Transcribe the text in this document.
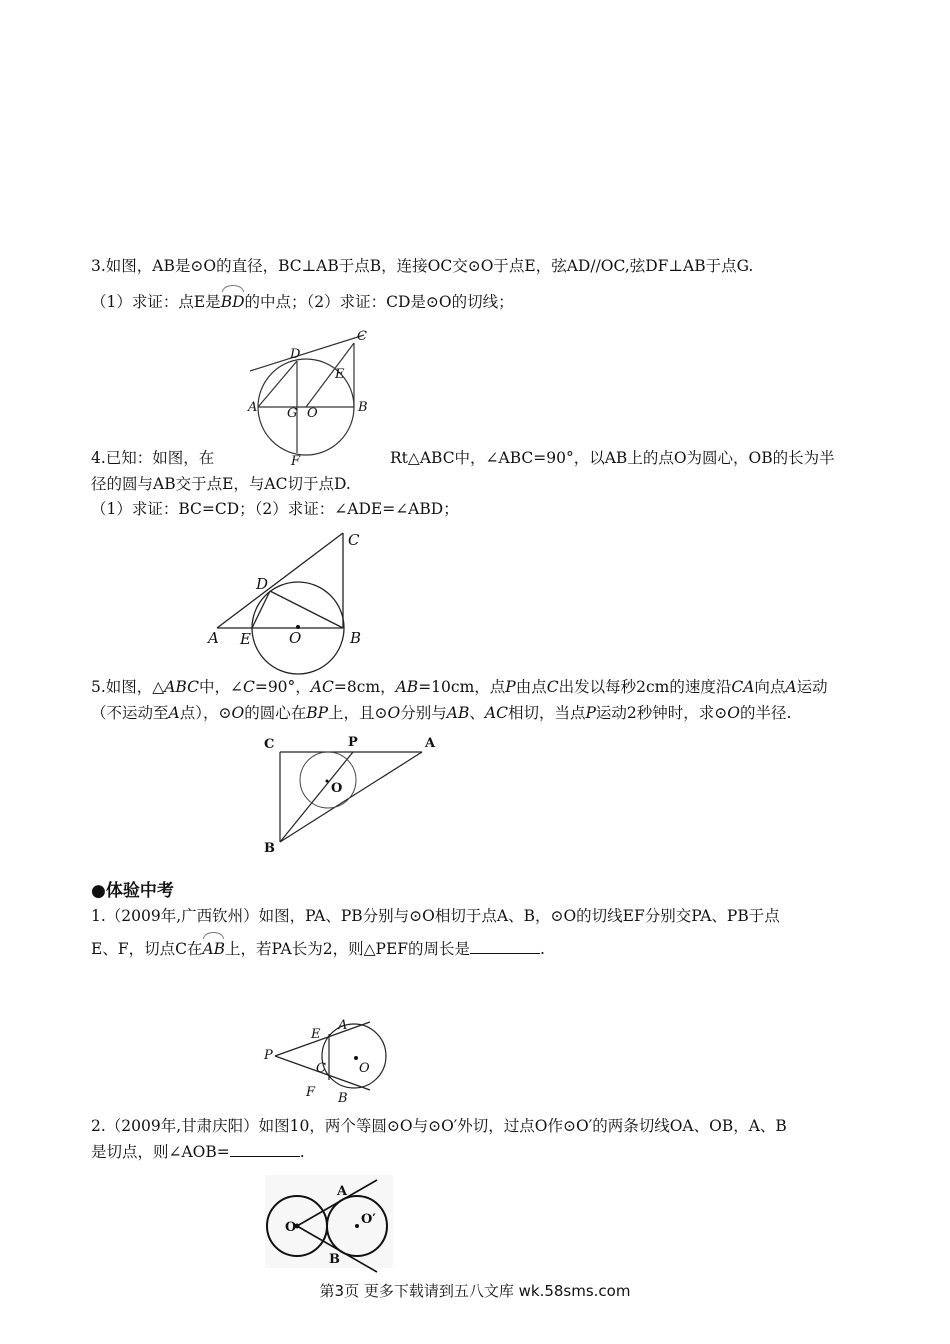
3.如图，AB是⊙O的直径，BC⊥AB于点B，连接OC交⊙O于点E，弦AD//OC,弦DF⊥AB于点G.
（1）求证：点E是BD的中点；（2）求证：CD是⊙O的切线；
D
C
E
A G O	B
F
4.已知：如图，在	Rt△ABC中，∠ABC=90°，以AB上的点O为圆心，OB的长为半
径的圆与AB交于点E，与AC切于点D.
（1）求证：BC=CD；（2）求证：∠ADE=∠ABD；
C
D
A E	O	B
5.如图，△ABC中，∠C=90°，AC=8cm，AB=10cm，点P由点C出发以每秒2cm的速度沿CA向点A运动
（不运动至A点），⊙O的圆心在BP上，且⊙O分别与AB、AC相切，当点P运动2秒钟时，求⊙O的半径.
C	P	A
O
B
●体验中考
1.（2009年,广西钦州）如图，PA、PB分别与⊙O相切于点A、B，⊙O的切线EF分别交PA、PB于点
E、F，切点C在AB上，若PA长为2，则△PEF的周长是	.
P
E
A
C	O
F B
2.（2009年,甘肃庆阳）如图10，两个等圆⊙O与⊙O′外切，过点O作⊙O′的两条切线OA、OB，A、B
是切点，则∠AOB=	.
O
O′
A
B
第3页 更多下载请到五八文库 wk.58sms.com
